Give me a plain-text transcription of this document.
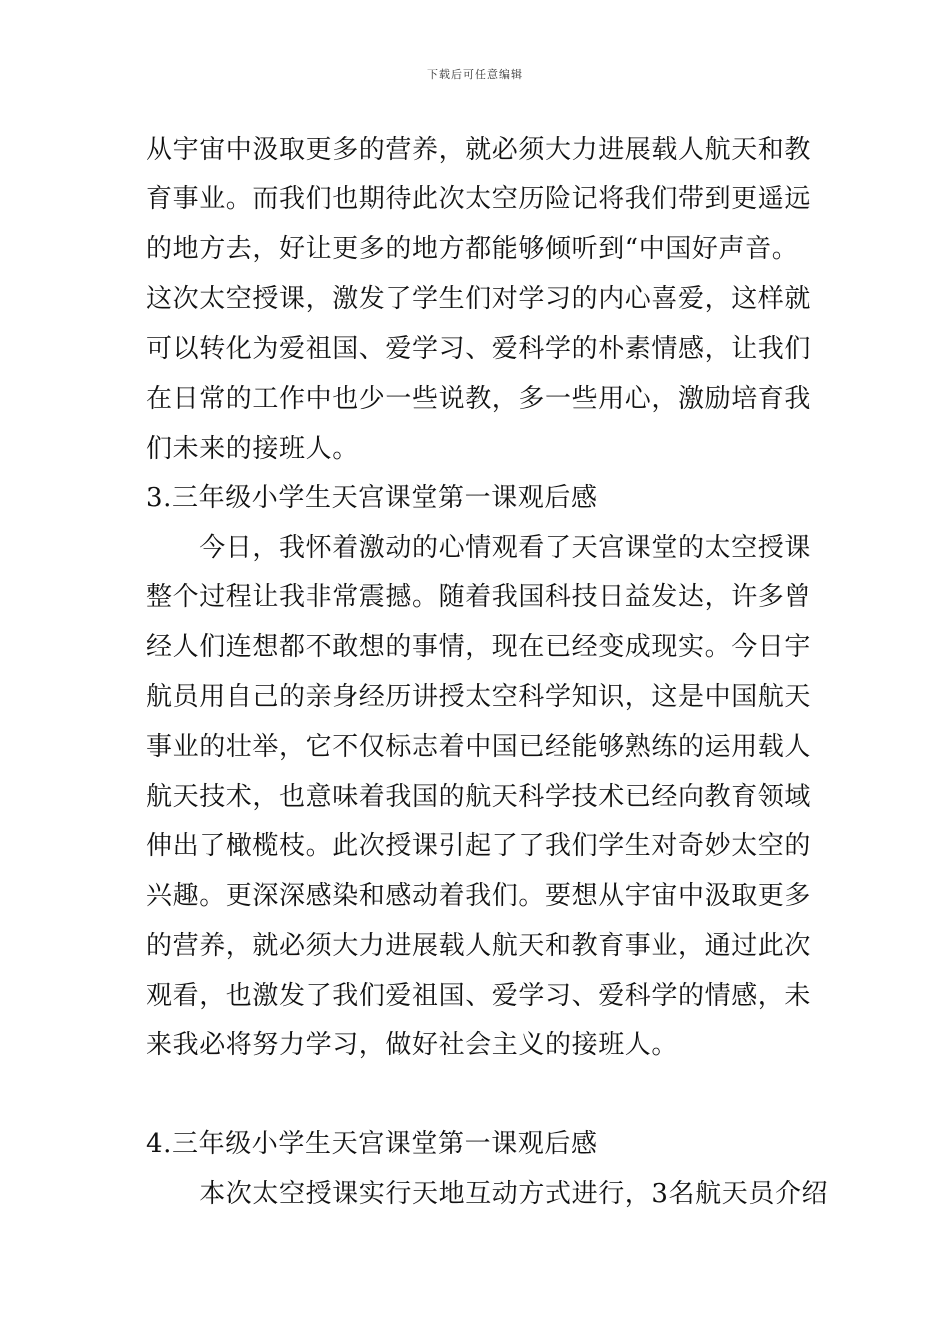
下载后可任意编辑
从宇宙中汲取更多的营养，就必须大力进展载人航天和教
育事业。而我们也期待此次太空历险记将我们带到更遥远
的地方去，好让更多的地方都能够倾听到“中国好声音。
这次太空授课，激发了学生们对学习的内心喜爱，这样就
可以转化为爱祖国、爱学习、爱科学的朴素情感，让我们
在日常的工作中也少一些说教，多一些用心，激励培育我
们未来的接班人。
3.三年级小学生天宫课堂第一课观后感
　　今日，我怀着激动的心情观看了天宫课堂的太空授课
整个过程让我非常震撼。随着我国科技日益发达，许多曾
经人们连想都不敢想的事情，现在已经变成现实。今日宇
航员用自己的亲身经历讲授太空科学知识，这是中国航天
事业的壮举，它不仅标志着中国已经能够熟练的运用载人
航天技术，也意味着我国的航天科学技术已经向教育领域
伸出了橄榄枝。此次授课引起了了我们学生对奇妙太空的
兴趣。更深深感染和感动着我们。要想从宇宙中汲取更多
的营养，就必须大力进展载人航天和教育事业，通过此次
观看，也激发了我们爱祖国、爱学习、爱科学的情感，未
来我必将努力学习，做好社会主义的接班人。
4.三年级小学生天宫课堂第一课观后感
　　本次太空授课实行天地互动方式进行，3名航天员介绍
